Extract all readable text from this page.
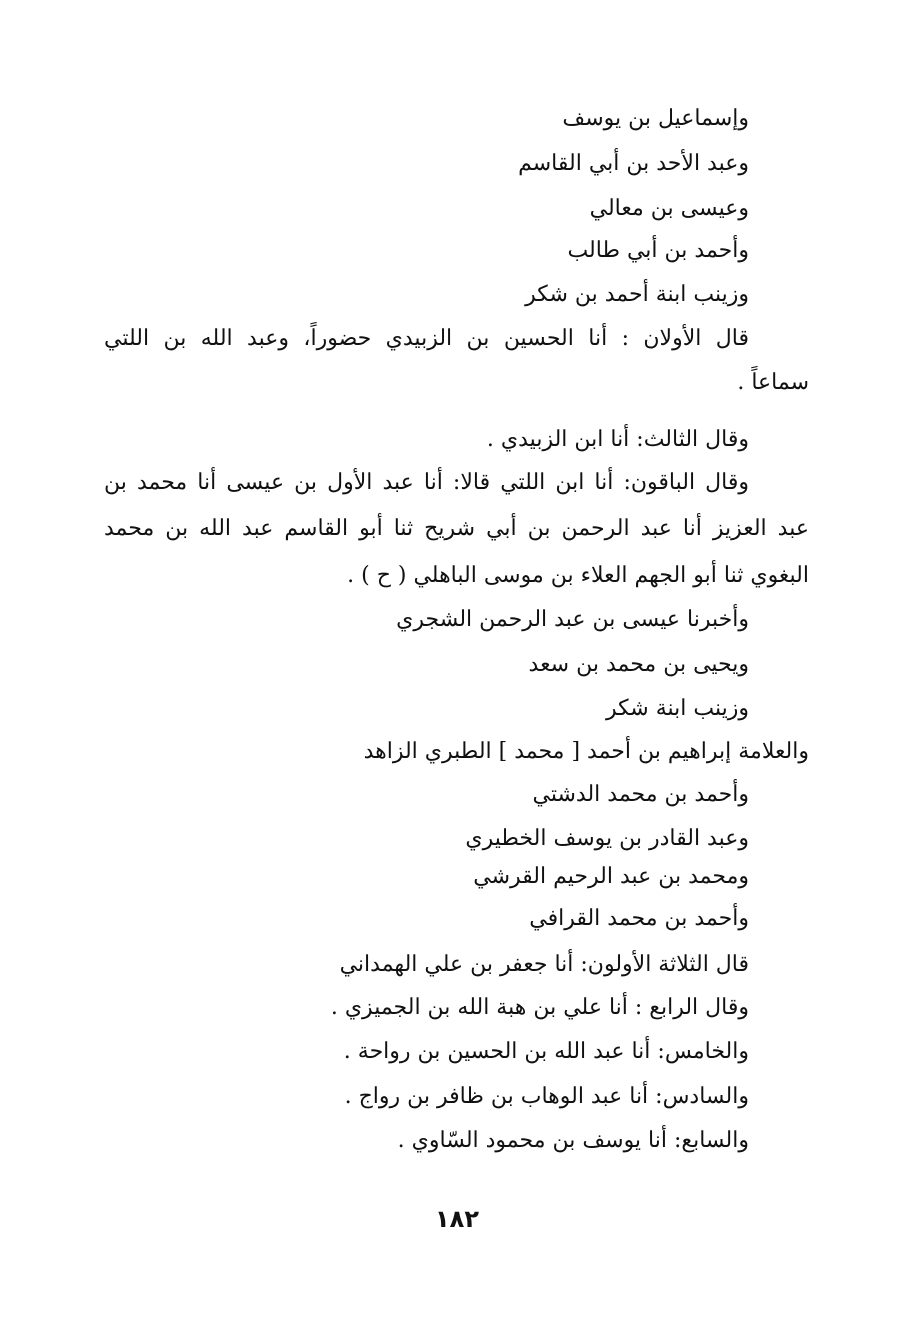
وإسماعيل بن يوسف
وعبد الأحد بن أبي القاسم
وعيسى بن معالي
وأحمد بن أبي طالب
وزينب ابنة أحمد بن شكر
قال الأولان : أنا الحسين بن الزبيدي حضوراً، وعبد الله بن اللتي
سماعاً .
وقال الثالث: أنا ابن الزبيدي .
وقال الباقون: أنا ابن اللتي قالا: أنا عبد الأول بن عيسى أنا محمد بن
عبد العزيز أنا عبد الرحمن بن أبي شريح ثنا أبو القاسم عبد الله بن محمد
البغوي ثنا أبو الجهم العلاء بن موسى الباهلي ( ح ) .
وأخبرنا عيسى بن عبد الرحمن الشجري
ويحيى بن محمد بن سعد
وزينب ابنة شكر
والعلامة إبراهيم بن أحمد [ محمد ] الطبري الزاهد
وأحمد بن محمد الدشتي
وعبد القادر بن يوسف الخطيري
ومحمد بن عبد الرحيم القرشي
وأحمد بن محمد القرافي
قال الثلاثة الأولون: أنا جعفر بن علي الهمداني
وقال الرابع : أنا علي بن هبة الله بن الجميزي .
والخامس: أنا عبد الله بن الحسين بن رواحة .
والسادس: أنا عبد الوهاب بن ظافر بن رواج .
والسابع: أنا يوسف بن محمود السّاوي .
١٨٢
